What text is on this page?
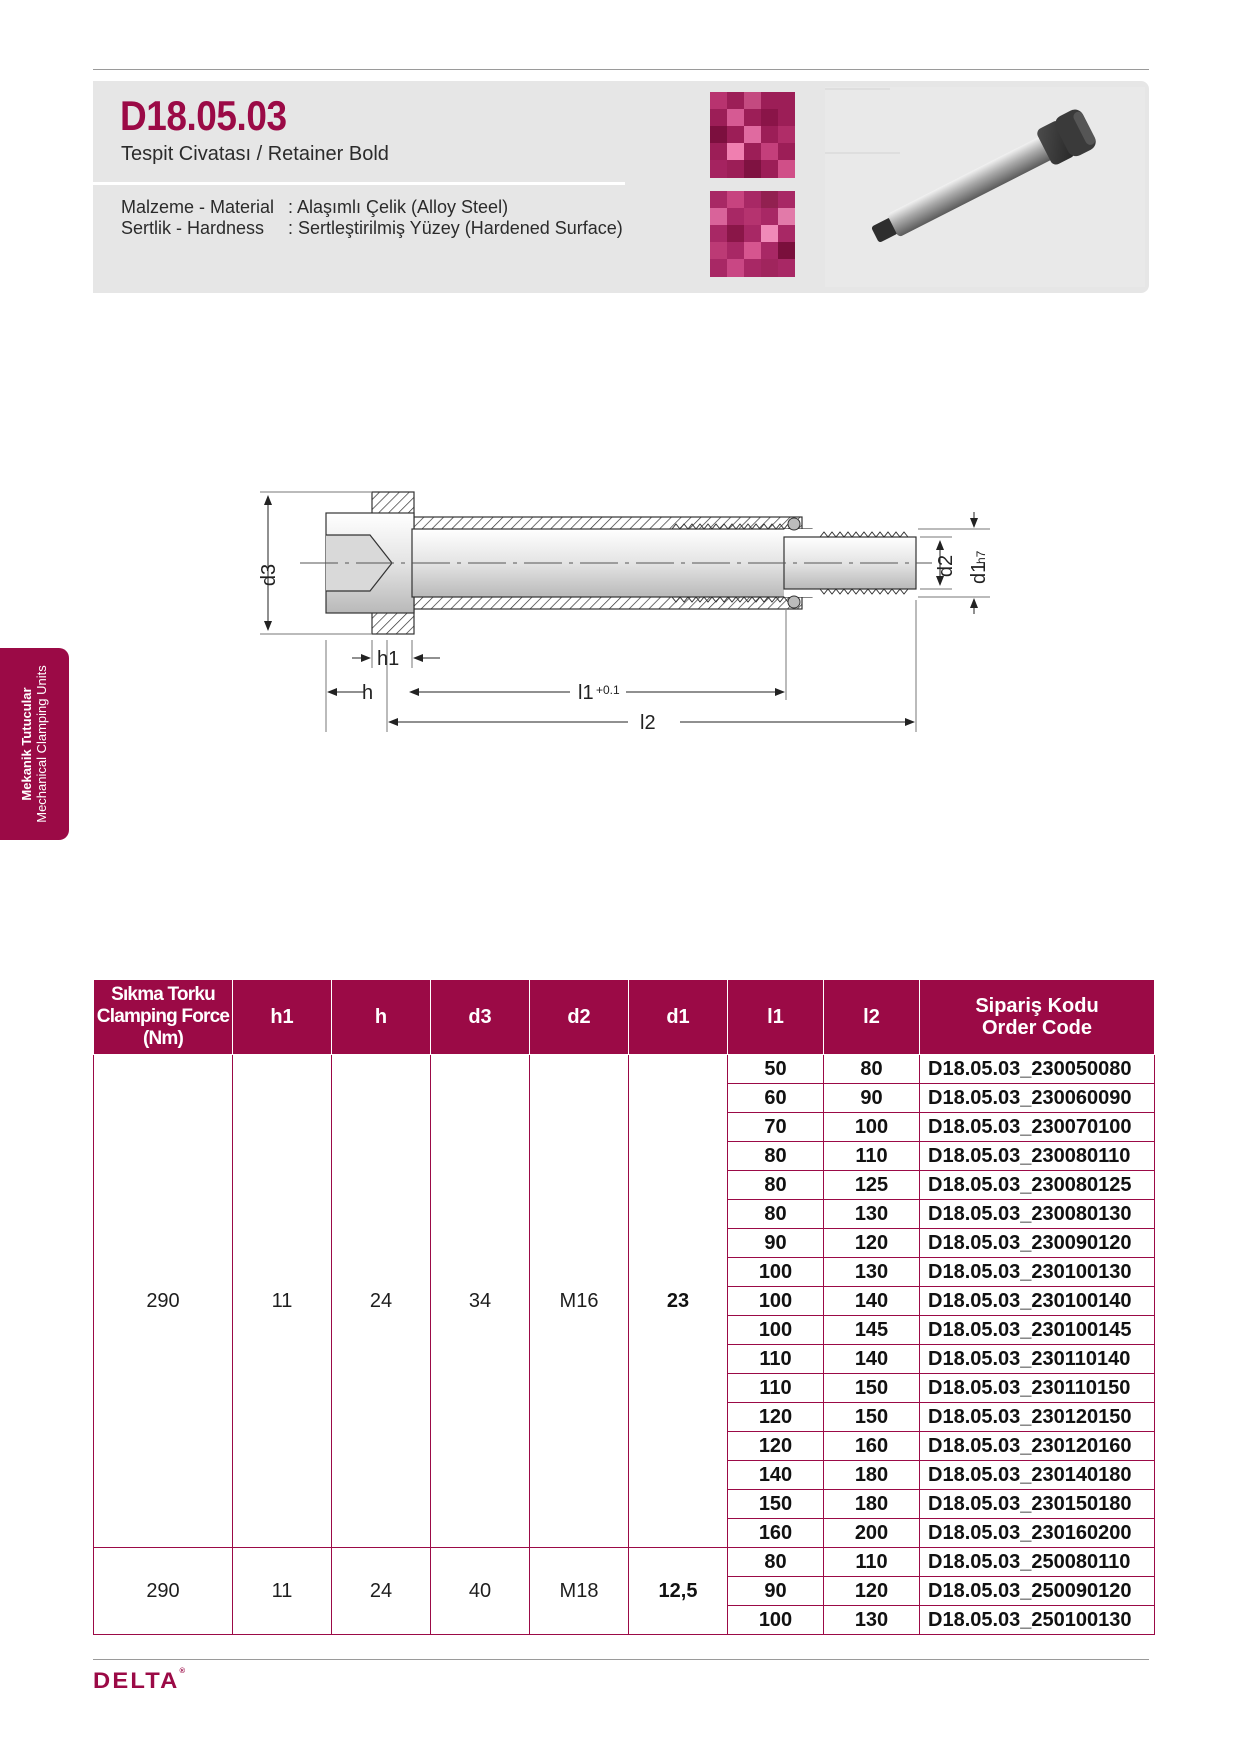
D18.05.03
Tespit Civatası / Retainer Bold
Malzeme - Material : Alaşımlı Çelik (Alloy Steel)
Sertlik - Hardness : Sertleştirilmiş Yüzey (Hardened Surface)
d3	d2 d1
h7
h1
h	l1 +0.1
l2
Mekanik Tutucular Mechanical Clamping Units
Sıkma Torku
Clamping Force
(Nm)	h1	h	d3	d2	d1	l1	l2	Sipariş Kodu
Order Code
290	11	24	34	M16	23	50	80	D18.05.03_230050080
						60	90	D18.05.03_230060090
						70	100	D18.05.03_230070100
						80	110	D18.05.03_230080110
						80	125	D18.05.03_230080125
						80	130	D18.05.03_230080130
						90	120	D18.05.03_230090120
						100	130	D18.05.03_230100130
						100	140	D18.05.03_230100140
						100	145	D18.05.03_230100145
						110	140	D18.05.03_230110140
						110	150	D18.05.03_230110150
						120	150	D18.05.03_230120150
						120	160	D18.05.03_230120160
						140	180	D18.05.03_230140180
						150	180	D18.05.03_230150180
						160	200	D18.05.03_230160200
290	11	24	40	M18	12,5	80	110	D18.05.03_250080110
						90	120	D18.05.03_250090120
						100	130	D18.05.03_250100130
DELTA®
